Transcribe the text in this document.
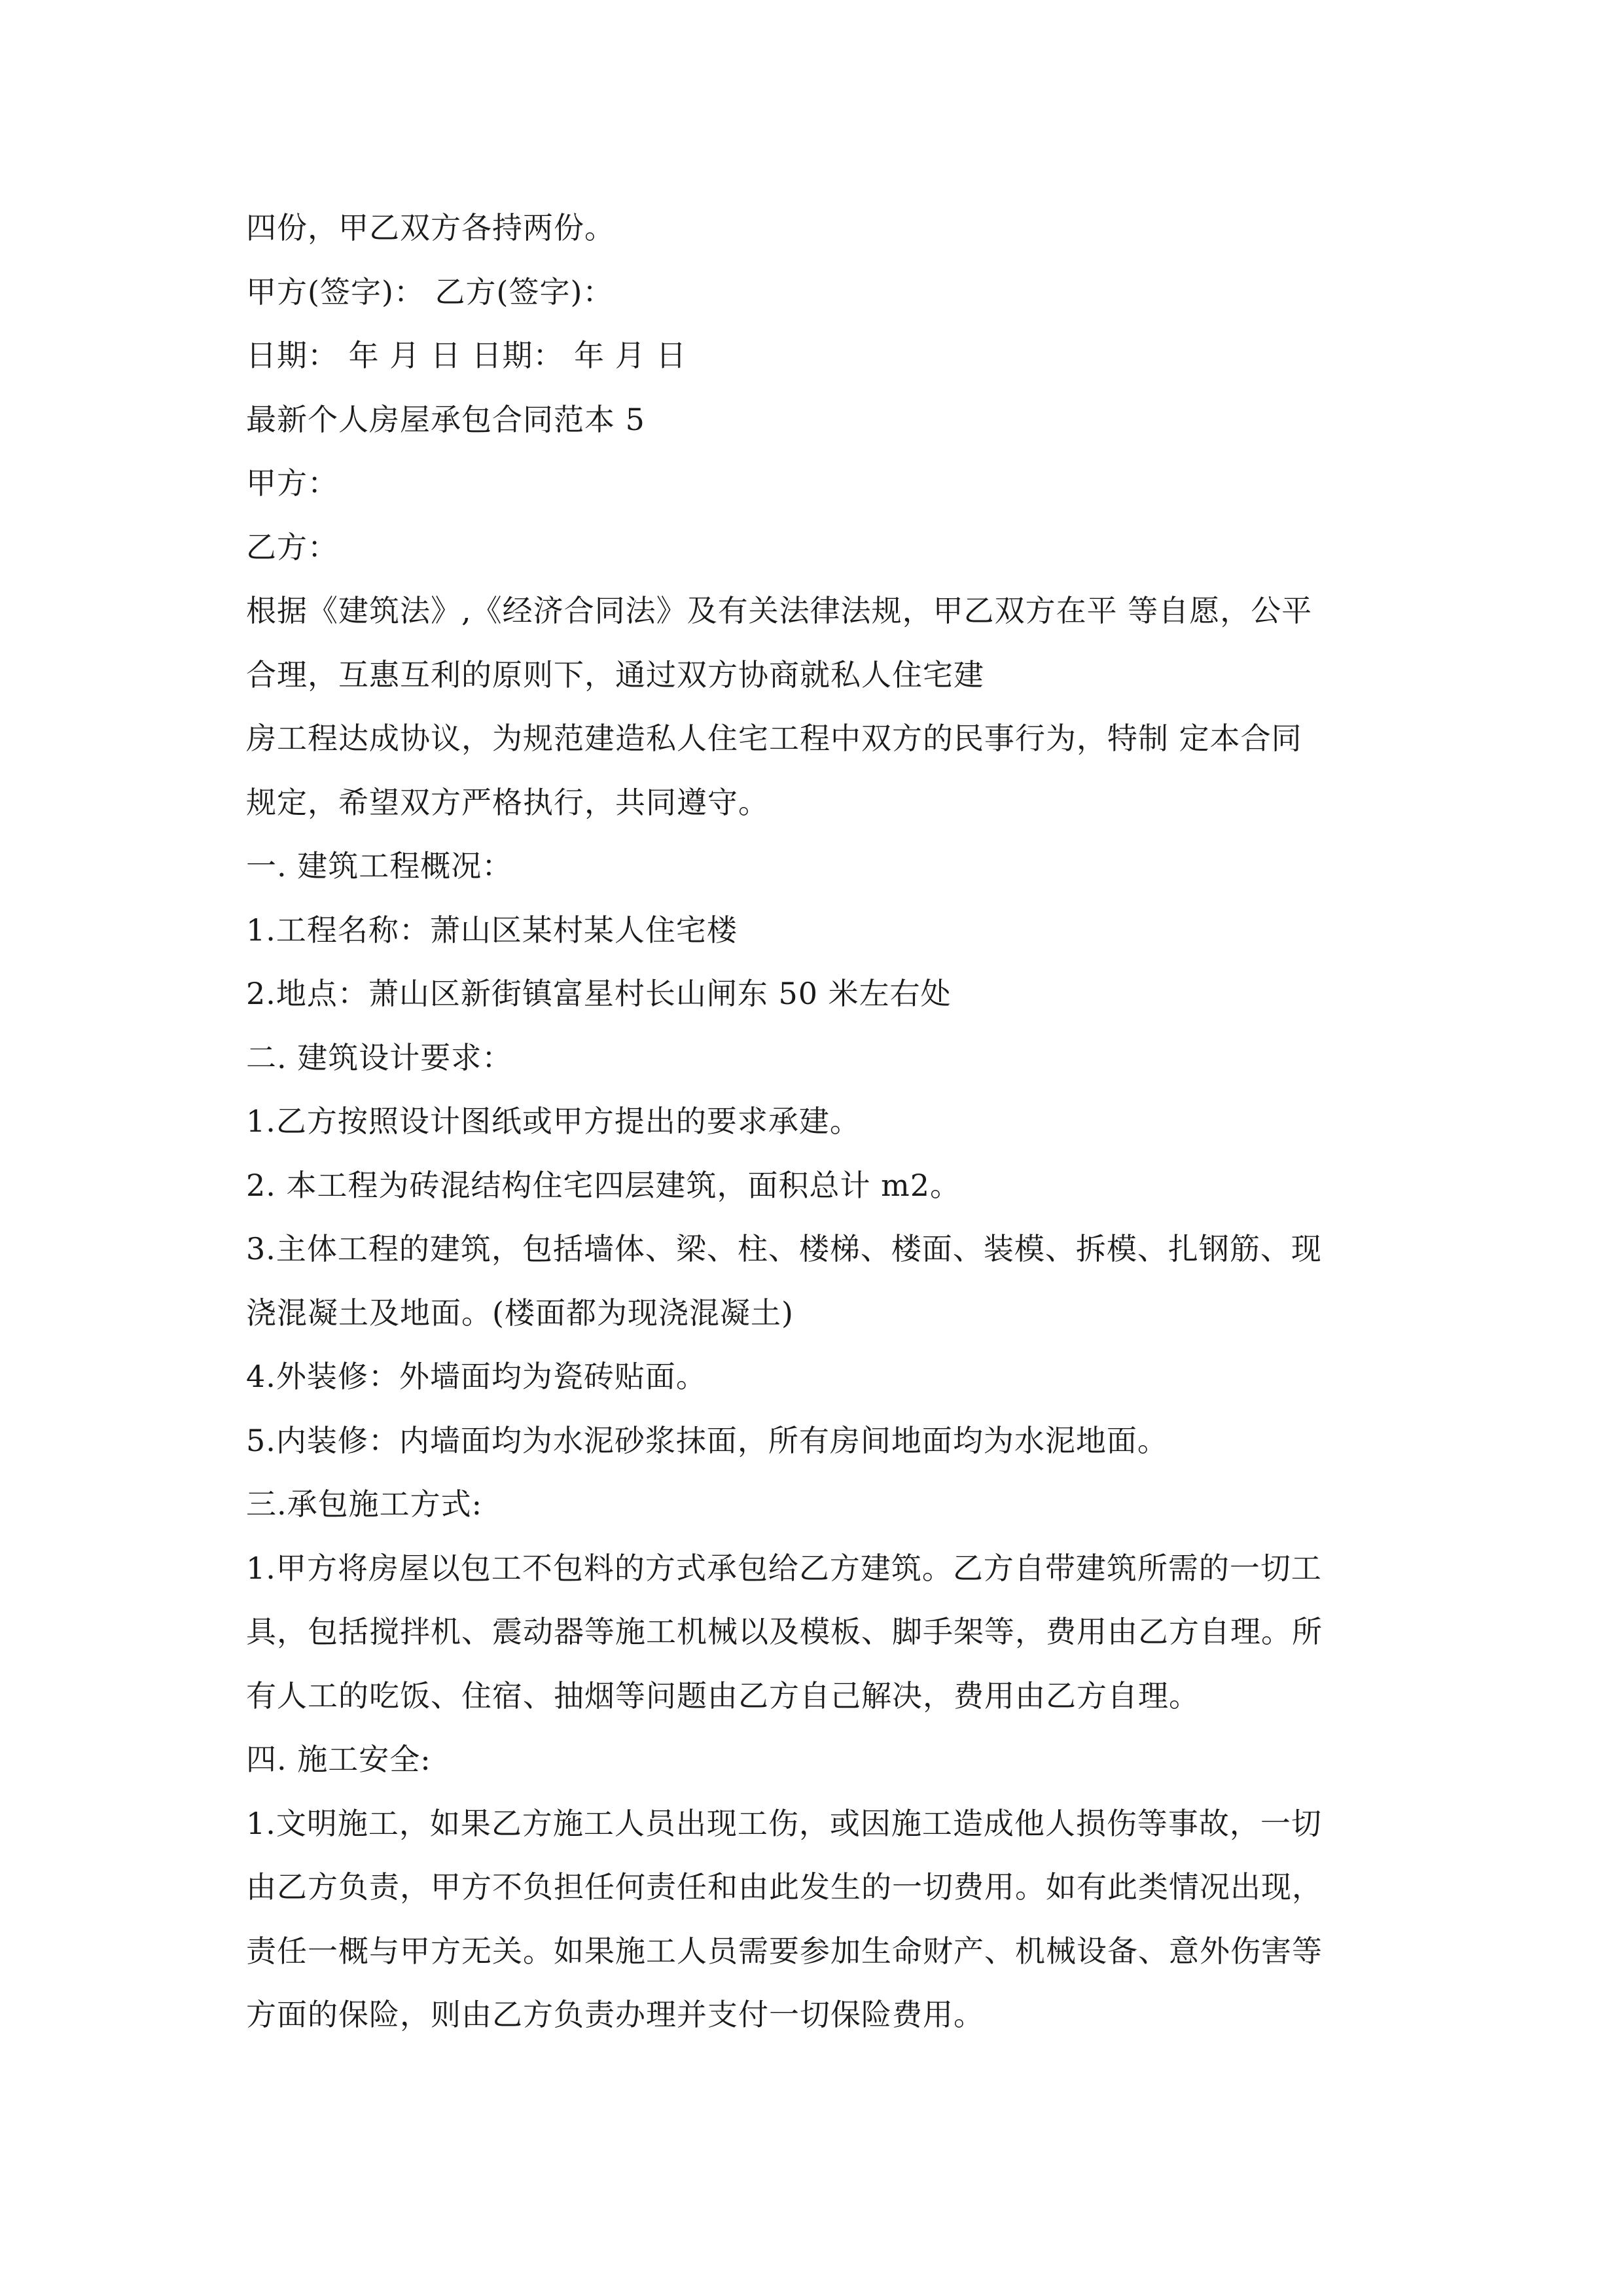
四份，甲乙双方各持两份。

甲方(签字)： 乙方(签字)：

日期： 年 月 日 日期： 年 月 日

最新个人房屋承包合同范本 5

甲方：

乙方：

根据《建筑法》,《经济合同法》及有关法律法规，甲乙双方在平 等自愿，公平

合理，互惠互利的原则下，通过双方协商就私人住宅建

房工程达成协议，为规范建造私人住宅工程中双方的民事行为，特制 定本合同

规定，希望双方严格执行，共同遵守。

一. 建筑工程概况：

1.工程名称：萧山区某村某人住宅楼

2.地点：萧山区新街镇富星村长山闸东 50 米左右处

二. 建筑设计要求：

1.乙方按照设计图纸或甲方提出的要求承建。

2. 本工程为砖混结构住宅四层建筑，面积总计 m2。

3.主体工程的建筑，包括墙体、梁、柱、楼梯、楼面、装模、拆模、扎钢筋、现

浇混凝土及地面。(楼面都为现浇混凝土)

4.外装修：外墙面均为瓷砖贴面。

5.内装修：内墙面均为水泥砂浆抹面，所有房间地面均为水泥地面。

三.承包施工方式:

1.甲方将房屋以包工不包料的方式承包给乙方建筑。乙方自带建筑所需的一切工

具，包括搅拌机、震动器等施工机械以及模板、脚手架等，费用由乙方自理。所

有人工的吃饭、住宿、抽烟等问题由乙方自己解决，费用由乙方自理。

四. 施工安全:

1.文明施工，如果乙方施工人员出现工伤，或因施工造成他人损伤等事故，一切

由乙方负责，甲方不负担任何责任和由此发生的一切费用。如有此类情况出现，

责任一概与甲方无关。如果施工人员需要参加生命财产、机械设备、意外伤害等

方面的保险，则由乙方负责办理并支付一切保险费用。
